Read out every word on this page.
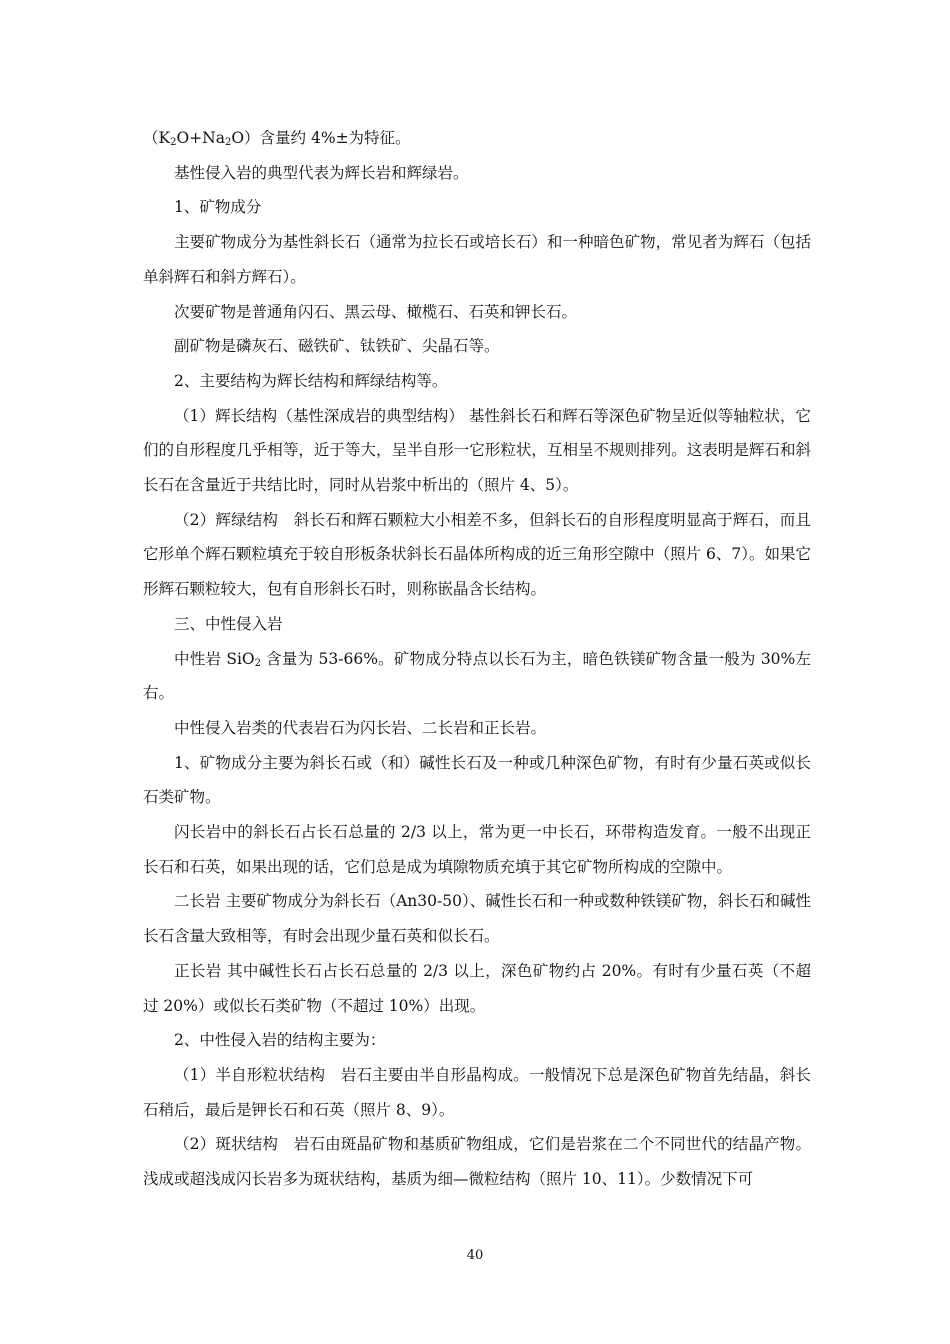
$(K_2O+Na_2O)$含量约 4%±为特征。

基性侵入岩的典型代表为辉长岩和辉绿岩。

1、矿物成分

主要矿物成分为基性斜长石（通常为拉长石或培长石）和一种暗色矿物，常见者为辉石（包括单斜辉石和斜方辉石）。

次要矿物是普通角闪石、黑云母、橄榄石、石英和钾长石。

副矿物是磷灰石、磁铁矿、钛铁矿、尖晶石等。

2、主要结构为辉长结构和辉绿结构等。

（1）辉长结构（基性深成岩的典型结构） 基性斜长石和辉石等深色矿物呈近似等轴粒状，它们的自形程度几乎相等，近于等大，呈半自形一它形粒状，互相呈不规则排列。这表明是辉石和斜长石在含量近于共结比时，同时从岩浆中析出的（照片 4、5）。

（2）辉绿结构　斜长石和辉石颗粒大小相差不多，但斜长石的自形程度明显高于辉石，而且它形单个辉石颗粒填充于较自形板条状斜长石晶体所构成的近三角形空隙中（照片 6、7）。如果它形辉石颗粒较大，包有自形斜长石时，则称嵌晶含长结构。

三、中性侵入岩

中性岩 SiO$_2$ 含量为 53-66%。矿物成分特点以长石为主，暗色铁镁矿物含量一般为 30%左右。

中性侵入岩类的代表岩石为闪长岩、二长岩和正长岩。

1、矿物成分主要为斜长石或（和）碱性长石及一种或几种深色矿物，有时有少量石英或似长石类矿物。

闪长岩中的斜长石占长石总量的 2/3 以上，常为更一中长石，环带构造发育。一般不出现正长石和石英，如果出现的话，它们总是成为填隙物质充填于其它矿物所构成的空隙中。

二长岩 主要矿物成分为斜长石（An30-50）、碱性长石和一种或数种铁镁矿物，斜长石和碱性长石含量大致相等，有时会出现少量石英和似长石。

正长岩 其中碱性长石占长石总量的 2/3 以上，深色矿物约占 20%。有时有少量石英（不超过 20%）或似长石类矿物（不超过 10%）出现。

2、中性侵入岩的结构主要为：

（1）半自形粒状结构　岩石主要由半自形晶构成。一般情况下总是深色矿物首先结晶，斜长石稍后，最后是钾长石和石英（照片 8、9）。

（2）斑状结构　岩石由斑晶矿物和基质矿物组成，它们是岩浆在二个不同世代的结晶产物。浅成或超浅成闪长岩多为斑状结构，基质为细—微粒结构（照片 10、11）。少数情况下可

40
